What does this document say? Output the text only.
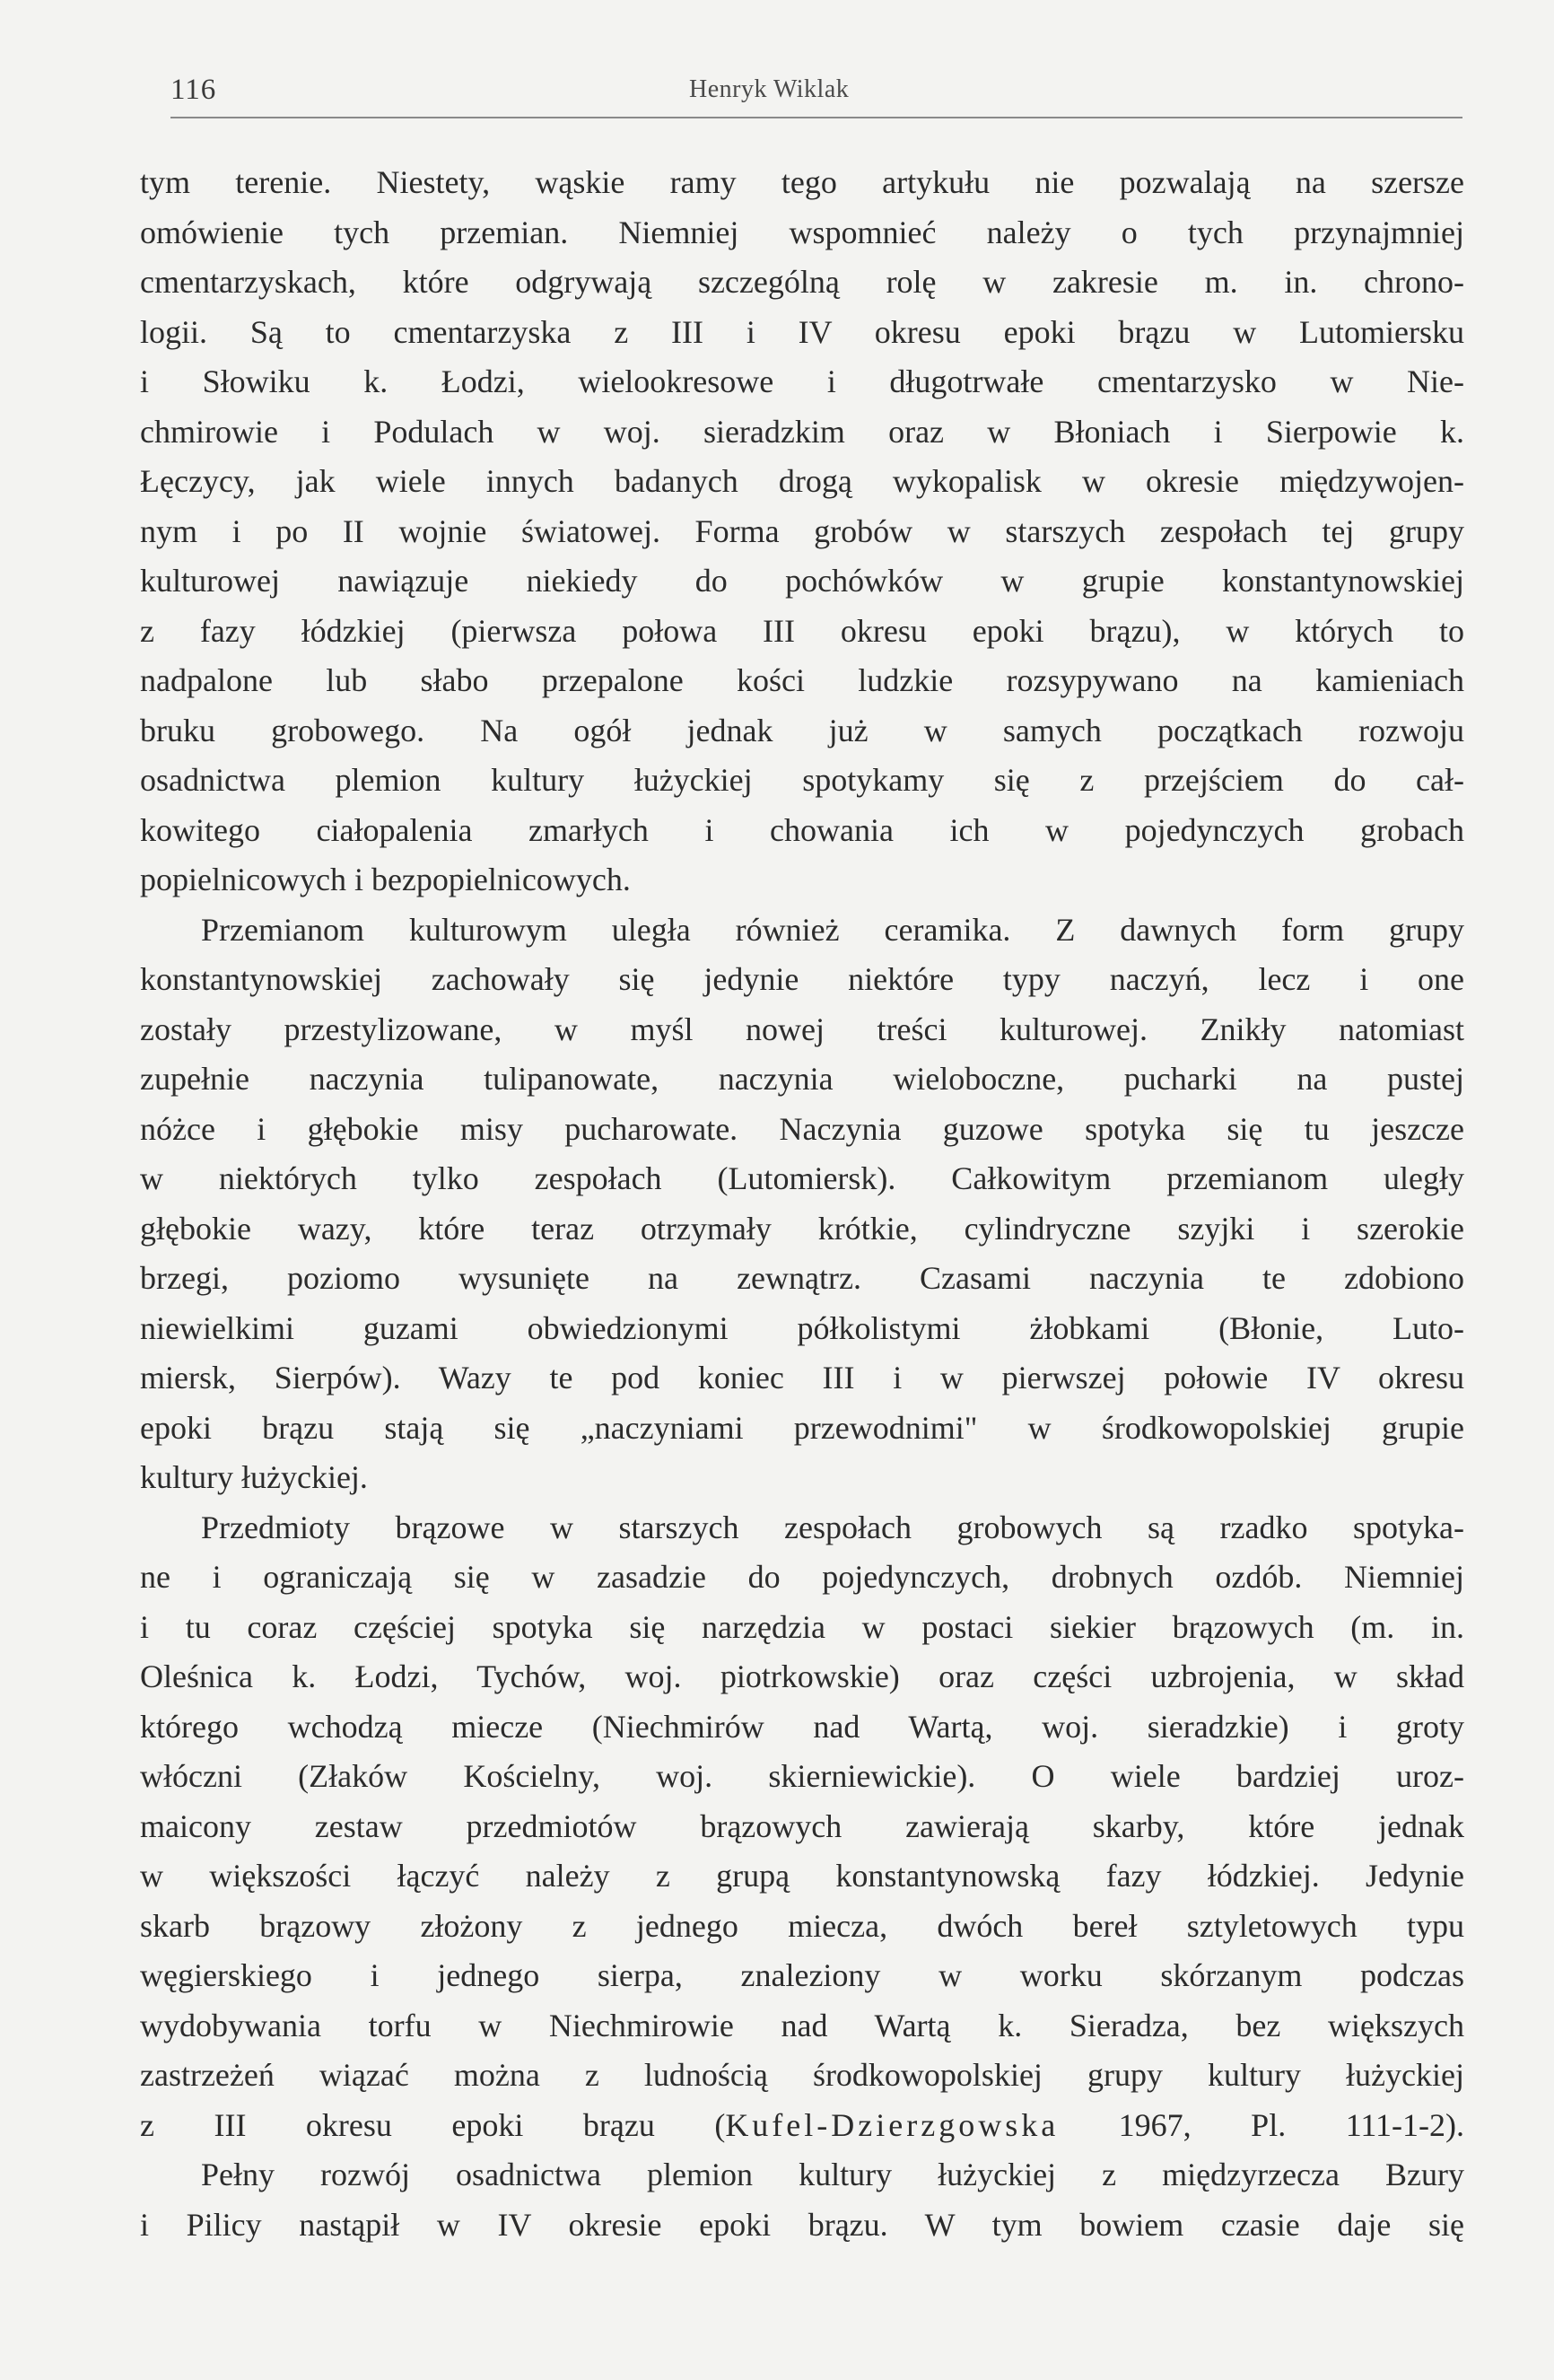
116	Henryk Wiklak
tym terenie. Niestety, wąskie ramy tego artykułu nie pozwalają na szersze
omówienie tych przemian. Niemniej wspomnieć należy o tych przynajmniej
cmentarzyskach, które odgrywają szczególną rolę w zakresie m. in. chrono-
logii. Są to cmentarzyska z III i IV okresu epoki brązu w Lutomiersku
i Słowiku k. Łodzi, wielookresowe i długotrwałe cmentarzysko w Nie-
chmirowie i Podulach w woj. sieradzkim oraz w Błoniach i Sierpowie k.
Łęczycy, jak wiele innych badanych drogą wykopalisk w okresie międzywojen-
nym i po II wojnie światowej. Forma grobów w starszych zespołach tej grupy
kulturowej nawiązuje niekiedy do pochówków w grupie konstantynowskiej
z fazy łódzkiej (pierwsza połowa III okresu epoki brązu), w których to
nadpalone lub słabo przepalone kości ludzkie rozsypywano na kamieniach
bruku grobowego. Na ogół jednak już w samych początkach rozwoju
osadnictwa plemion kultury łużyckiej spotykamy się z przejściem do cał-
kowitego ciałopalenia zmarłych i chowania ich w pojedynczych grobach
popielnicowych i bezpopielnicowych.
Przemianom kulturowym uległa również ceramika. Z dawnych form grupy
konstantynowskiej zachowały się jedynie niektóre typy naczyń, lecz i one
zostały przestylizowane, w myśl nowej treści kulturowej. Znikły natomiast
zupełnie naczynia tulipanowate, naczynia wieloboczne, pucharki na pustej
nóżce i głębokie misy pucharowate. Naczynia guzowe spotyka się tu jeszcze
w niektórych tylko zespołach (Lutomiersk). Całkowitym przemianom uległy
głębokie wazy, które teraz otrzymały krótkie, cylindryczne szyjki i szerokie
brzegi, poziomo wysunięte na zewnątrz. Czasami naczynia te zdobiono
niewielkimi guzami obwiedzionymi półkolistymi żłobkami (Błonie, Luto-
miersk, Sierpów). Wazy te pod koniec III i w pierwszej połowie IV okresu
epoki brązu stają się „naczyniami przewodnimi" w środkowopolskiej grupie
kultury łużyckiej.
Przedmioty brązowe w starszych zespołach grobowych są rzadko spotyka-
ne i ograniczają się w zasadzie do pojedynczych, drobnych ozdób. Niemniej
i tu coraz częściej spotyka się narzędzia w postaci siekier brązowych (m. in.
Oleśnica k. Łodzi, Tychów, woj. piotrkowskie) oraz części uzbrojenia, w skład
którego wchodzą miecze (Niechmirów nad Wartą, woj. sieradzkie) i groty
włóczni (Złaków Kościelny, woj. skierniewickie). O wiele bardziej uroz-
maicony zestaw przedmiotów brązowych zawierają skarby, które jednak
w większości łączyć należy z grupą konstantynowską fazy łódzkiej. Jedynie
skarb brązowy złożony z jednego miecza, dwóch bereł sztyletowych typu
węgierskiego i jednego sierpa, znaleziony w worku skórzanym podczas
wydobywania torfu w Niechmirowie nad Wartą k. Sieradza, bez większych
zastrzeżeń wiązać można z ludnością środkowopolskiej grupy kultury łużyckiej
z III okresu epoki brązu (Kufel-Dzierzgowska 1967, Pl. 111-1-2).
Pełny rozwój osadnictwa plemion kultury łużyckiej z międzyrzecza Bzury
i Pilicy nastąpił w IV okresie epoki brązu. W tym bowiem czasie daje się
